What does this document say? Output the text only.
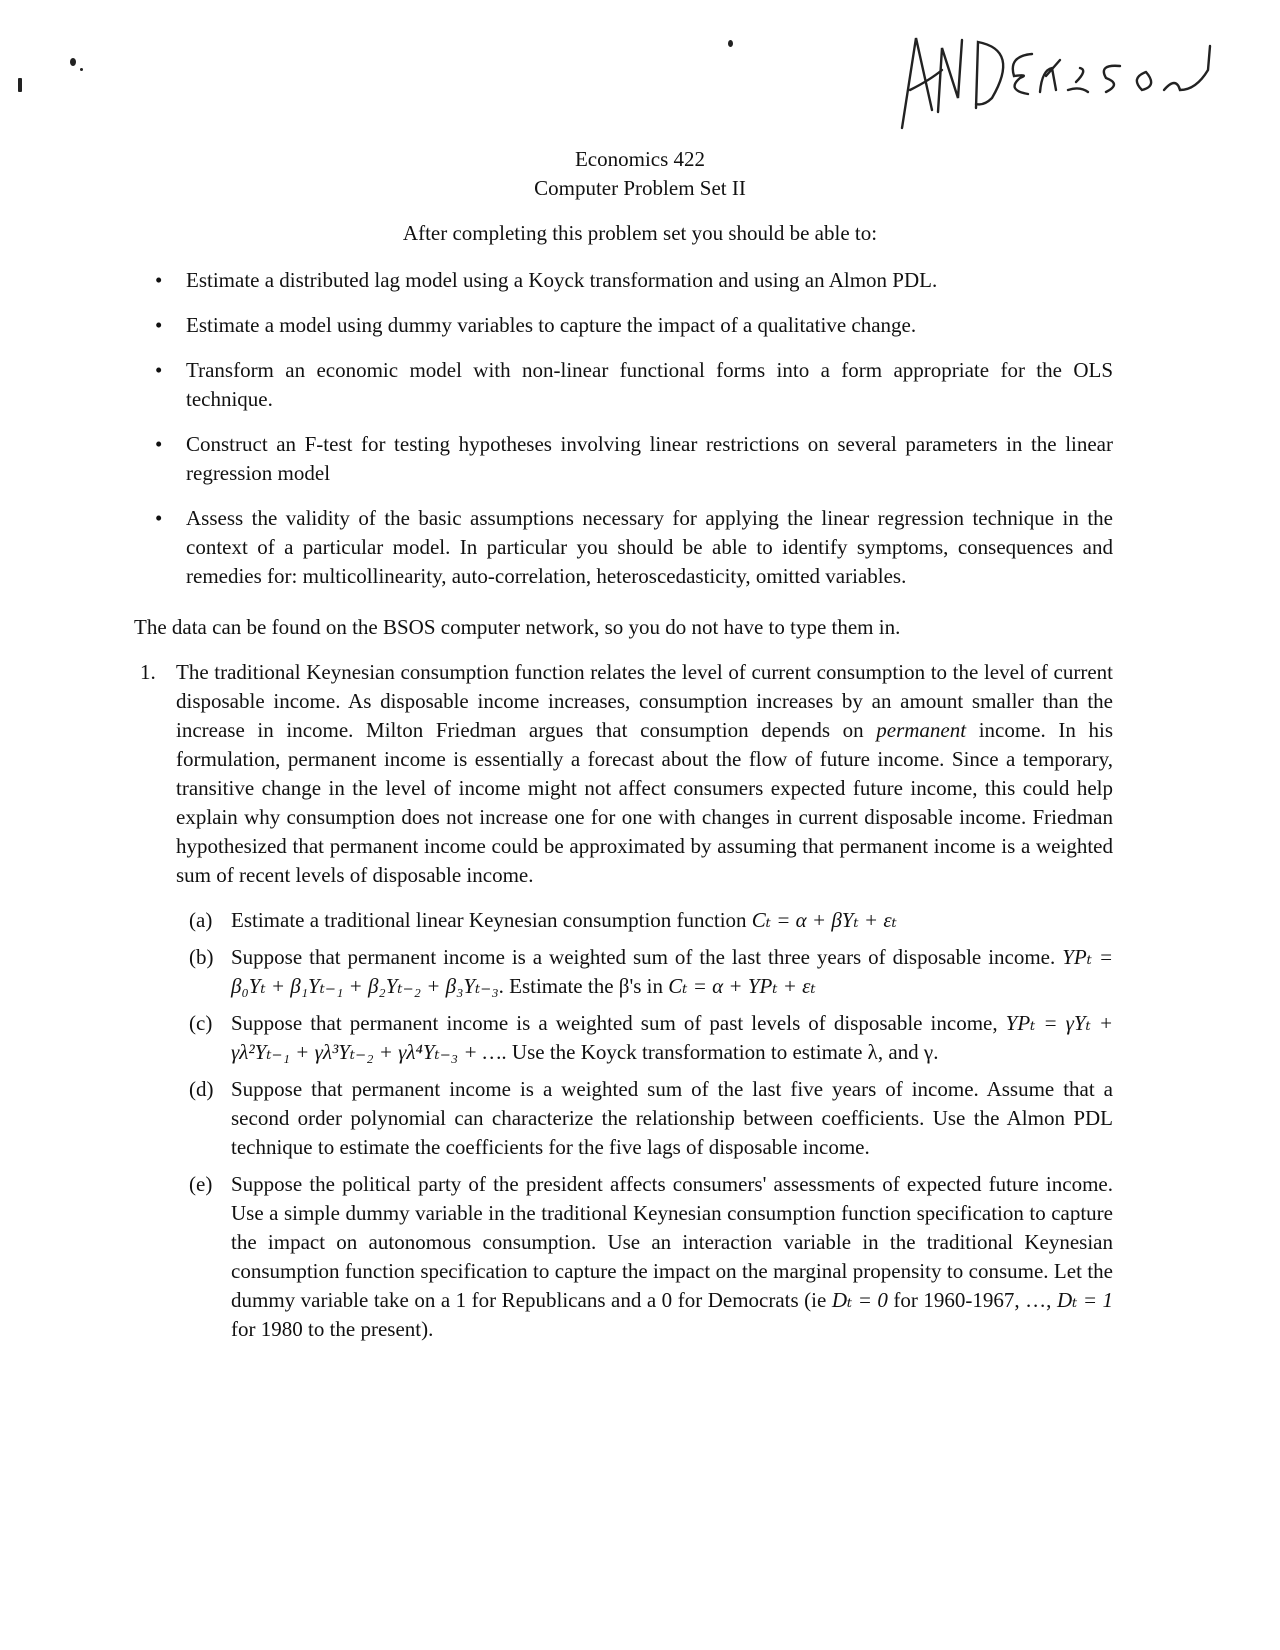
Economics 422
Computer Problem Set II
After completing this problem set you should be able to:
•	Estimate a distributed lag model using a Koyck transformation and using an Almon PDL.
•	Estimate a model using dummy variables to capture the impact of a qualitative change.
•	Transform an economic model with non-linear functional forms into a form appropriate for the OLS technique.
•	Construct an F-test for testing hypotheses involving linear restrictions on several parameters in the linear regression model
•	Assess the validity of the basic assumptions necessary for applying the linear regression technique in the context of a particular model. In particular you should be able to identify symptoms, consequences and remedies for: multicollinearity, auto-correlation, heteroscedasticity, omitted variables.
The data can be found on the BSOS computer network, so you do not have to type them in.
1. The traditional Keynesian consumption function relates the level of current consumption to the level of current disposable income. As disposable income increases, consumption increases by an amount smaller than the increase in income. Milton Friedman argues that consumption depends on permanent income. In his formulation, permanent income is essentially a forecast about the flow of future income. Since a temporary, transitive change in the level of income might not affect consumers expected future income, this could help explain why consumption does not increase one for one with changes in current disposable income. Friedman hypothesized that permanent income could be approximated by assuming that permanent income is a weighted sum of recent levels of disposable income.
(a) Estimate a traditional linear Keynesian consumption function Cₜ = α + βYₜ + εₜ
(b) Suppose that permanent income is a weighted sum of the last three years of disposable income. YPₜ = β₀Yₜ + β₁Yₜ₋₁ + β₂Yₜ₋₂ + β₃Yₜ₋₃. Estimate the β's in Cₜ = α + YPₜ + εₜ
(c) Suppose that permanent income is a weighted sum of past levels of disposable income, YPₜ = γYₜ + γλ²Yₜ₋₁ + γλ³Yₜ₋₂ + γλ⁴Yₜ₋₃ + …. Use the Koyck transformation to estimate λ, and γ.
(d) Suppose that permanent income is a weighted sum of the last five years of income. Assume that a second order polynomial can characterize the relationship between coefficients. Use the Almon PDL technique to estimate the coefficients for the five lags of disposable income.
(e) Suppose the political party of the president affects consumers' assessments of expected future income. Use a simple dummy variable in the traditional Keynesian consumption function specification to capture the impact on autonomous consumption. Use an interaction variable in the traditional Keynesian consumption function specification to capture the impact on the marginal propensity to consume. Let the dummy variable take on a 1 for Republicans and a 0 for Democrats (ie Dₜ = 0 for 1960-1967, …, Dₜ = 1 for 1980 to the present).
